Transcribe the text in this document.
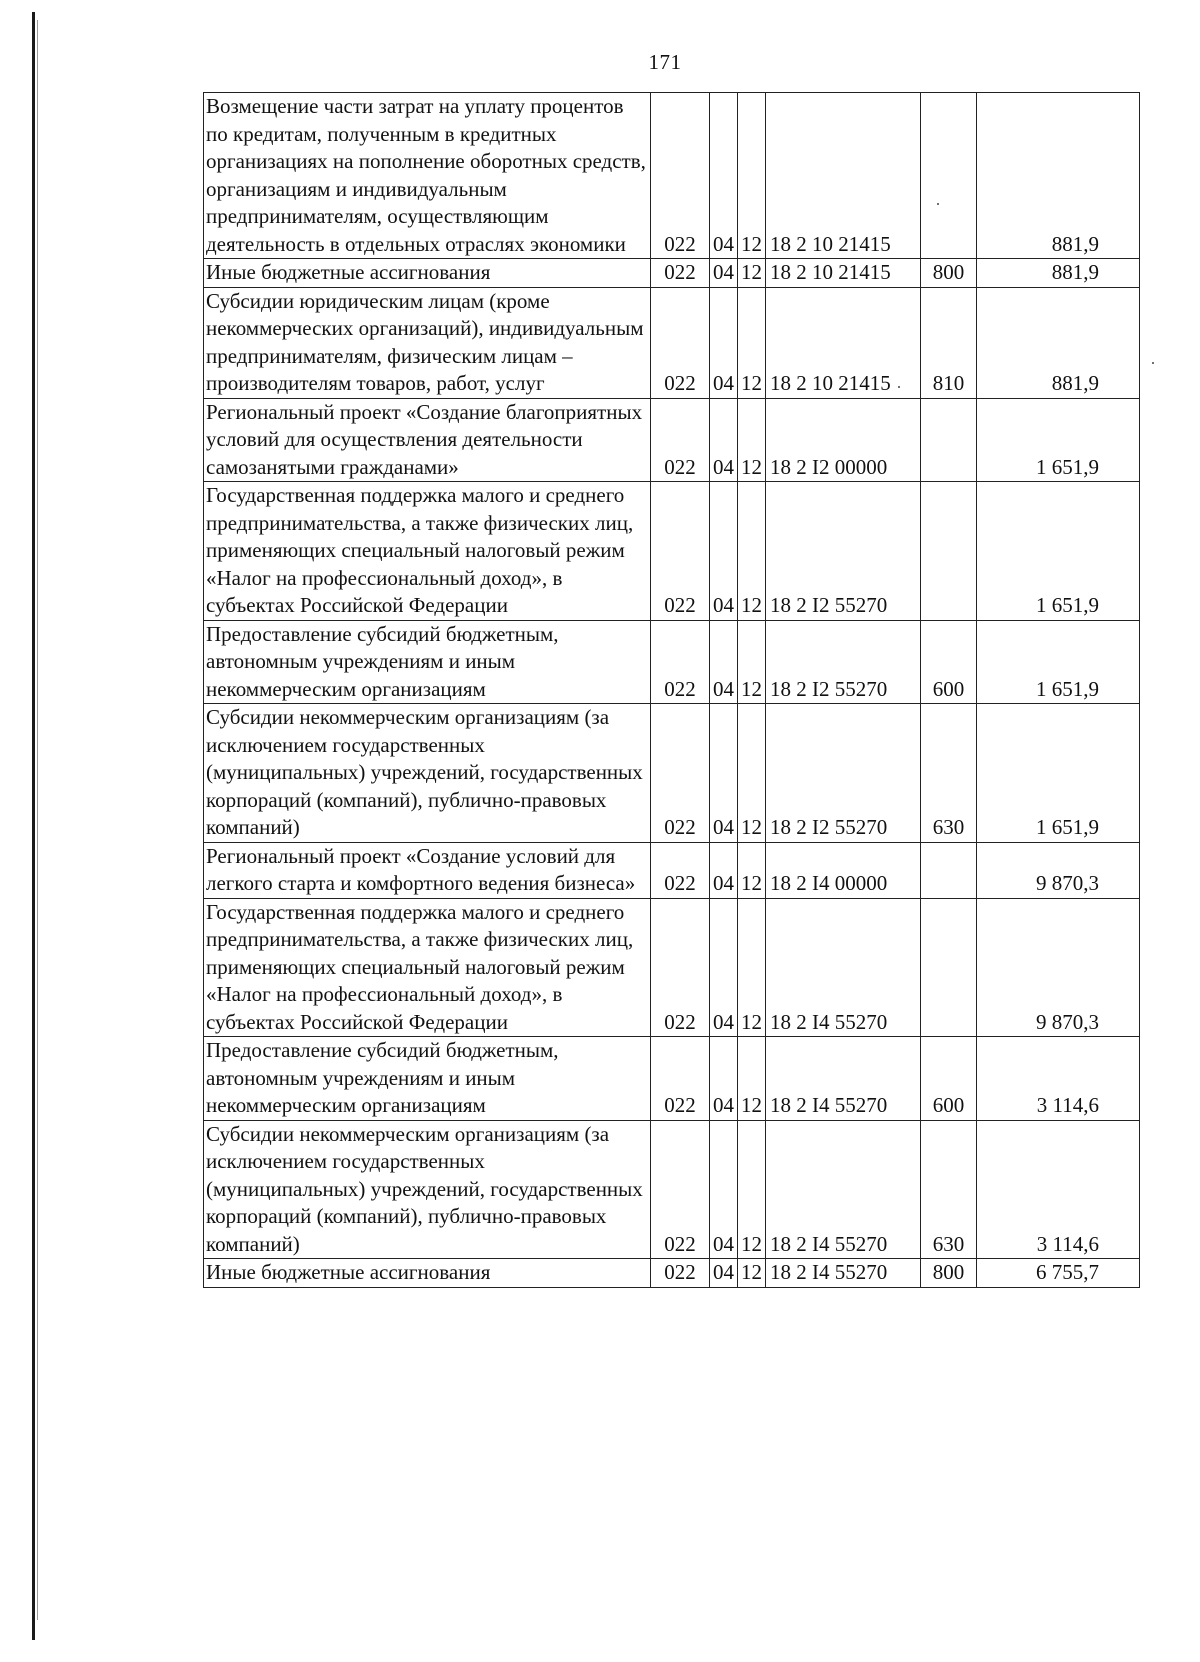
171
Возмещение части затрат на уплату процентов по кредитам, полученным в кредитных организациях на пополнение оборотных средств, организациям и индивидуальным предпринимателям, осуществляющим деятельность в отдельных отраслях экономики	022	04	12	18 2 10 21415		881,9
Иные бюджетные ассигнования	022	04	12	18 2 10 21415	800	881,9
Субсидии юридическим лицам (кроме некоммерческих организаций), индивидуальным предпринимателям, физическим лицам – производителям товаров, работ, услуг	022	04	12	18 2 10 21415	810	881,9
Региональный проект «Создание благоприятных условий для осуществления деятельности самозанятыми гражданами»	022	04	12	18 2 I2 00000		1 651,9
Государственная поддержка малого и среднего предпринимательства, а также физических лиц, применяющих специальный налоговый режим «Налог на профессиональный доход», в субъектах Российской Федерации	022	04	12	18 2 I2 55270		1 651,9
Предоставление субсидий бюджетным, автономным учреждениям и иным некоммерческим организациям	022	04	12	18 2 I2 55270	600	1 651,9
Субсидии некоммерческим организациям (за исключением государственных (муниципальных) учреждений, государственных корпораций (компаний), публично-правовых компаний)	022	04	12	18 2 I2 55270	630	1 651,9
Региональный проект «Создание условий для легкого старта и комфортного ведения бизнеса»	022	04	12	18 2 I4 00000		9 870,3
Государственная поддержка малого и среднего предпринимательства, а также физических лиц, применяющих специальный налоговый режим «Налог на профессиональный доход», в субъектах Российской Федерации	022	04	12	18 2 I4 55270		9 870,3
Предоставление субсидий бюджетным, автономным учреждениям и иным некоммерческим организациям	022	04	12	18 2 I4 55270	600	3 114,6
Субсидии некоммерческим организациям (за исключением государственных (муниципальных) учреждений, государственных корпораций (компаний), публично-правовых компаний)	022	04	12	18 2 I4 55270	630	3 114,6
Иные бюджетные ассигнования	022	04	12	18 2 I4 55270	800	6 755,7
